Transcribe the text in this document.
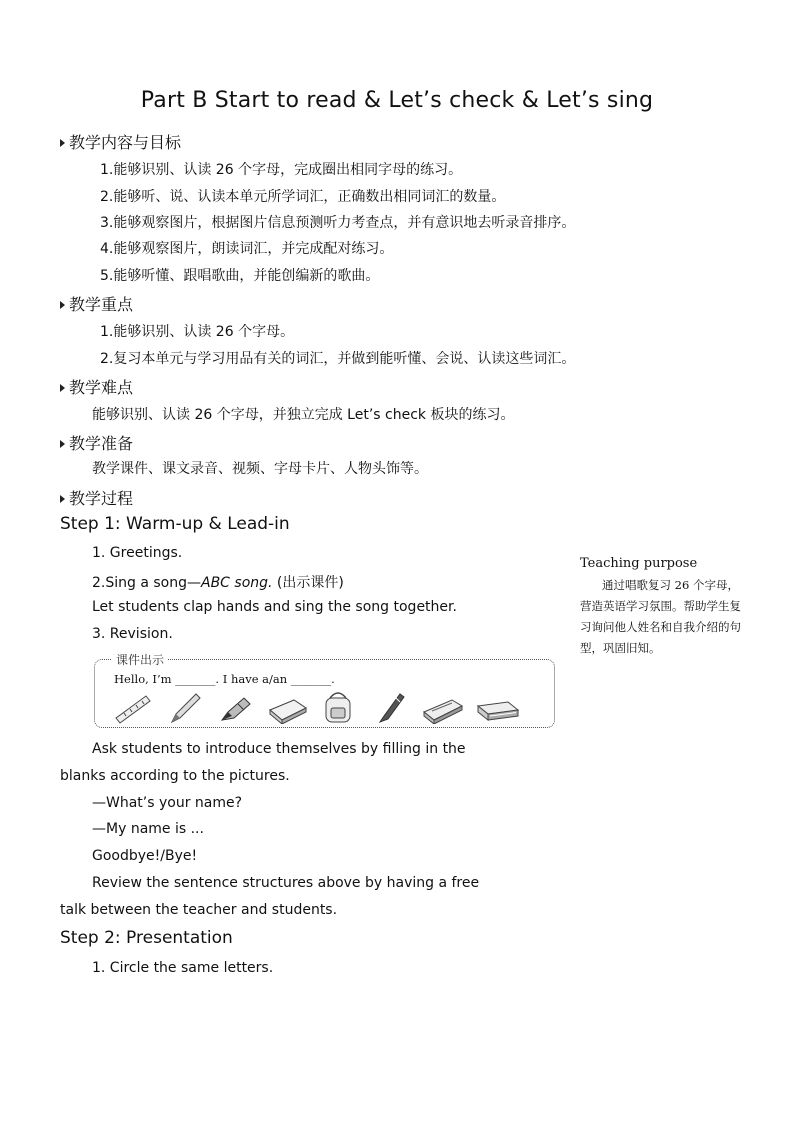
Part B Start to read & Let’s check & Let’s sing
教学内容与目标
1.能够识别、认读 26 个字母，完成圈出相同字母的练习。
2.能够听、说、认读本单元所学词汇，正确数出相同词汇的数量。
3.能够观察图片，根据图片信息预测听力考查点，并有意识地去听录音排序。
4.能够观察图片，朗读词汇，并完成配对练习。
5.能够听懂、跟唱歌曲，并能创编新的歌曲。
教学重点
1.能够识别、认读 26 个字母。
2.复习本单元与学习用品有关的词汇，并做到能听懂、会说、认读这些词汇。
教学难点
能够识别、认读 26 个字母，并独立完成 Let’s check 板块的练习。
教学准备
教学课件、课文录音、视频、字母卡片、人物头饰等。
教学过程
Step 1: Warm-up & Lead-in
1. Greetings.
2.Sing a song—ABC song. (出示课件)
Let students clap hands and sing the song together.
3. Revision.
课件出示
Hello, I’m _______. I have a/an _______.
Ask students to introduce themselves by filling in the
blanks according to the pictures.
—What’s your name?
—My name is ...
Goodbye!/Bye!
Review the sentence structures above by having a free
talk between the teacher and students.
Step 2: Presentation
1. Circle the same letters.
Teaching purpose
通过唱歌复习 26 个字母，营造英语学习氛围。帮助学生复习询问他人姓名和自我介绍的句型，巩固旧知。
